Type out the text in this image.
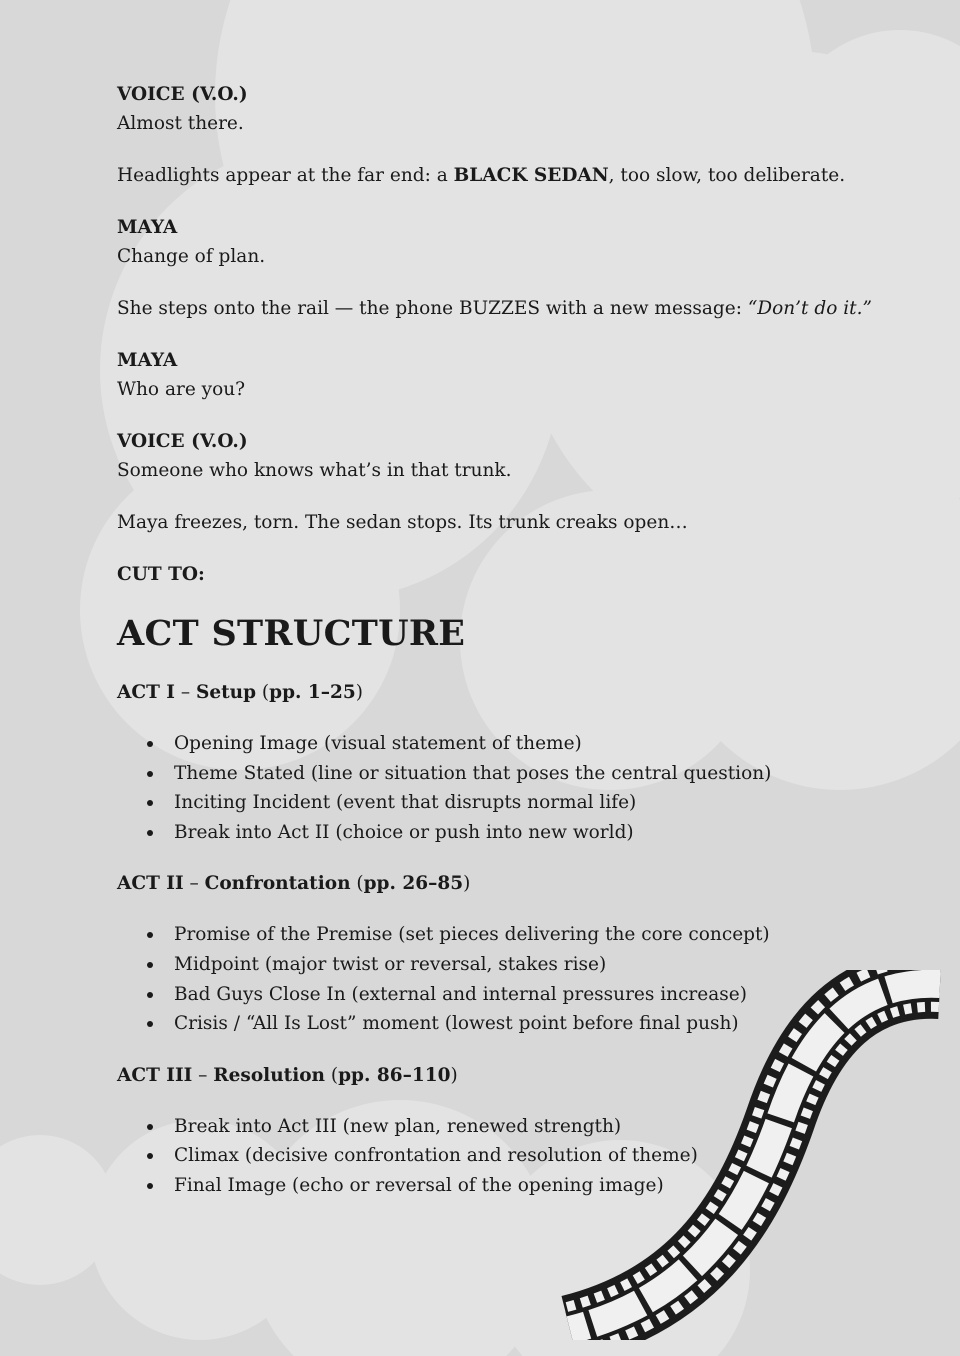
VOICE (V.O.)
Almost there.
Headlights appear at the far end: a BLACK SEDAN, too slow, too deliberate.
MAYA
Change of plan.
She steps onto the rail — the phone BUZZES with a new message: “Don’t do it.”
MAYA
Who are you?
VOICE (V.O.)
Someone who knows what’s in that trunk.
Maya freezes, torn. The sedan stops. Its trunk creaks open…
CUT TO:
ACT STRUCTURE
ACT I – Setup (pp. 1–25)
Opening Image (visual statement of theme)
Theme Stated (line or situation that poses the central question)
Inciting Incident (event that disrupts normal life)
Break into Act II (choice or push into new world)
ACT II – Confrontation (pp. 26–85)
Promise of the Premise (set pieces delivering the core concept)
Midpoint (major twist or reversal, stakes rise)
Bad Guys Close In (external and internal pressures increase)
Crisis / “All Is Lost” moment (lowest point before final push)
ACT III – Resolution (pp. 86–110)
Break into Act III (new plan, renewed strength)
Climax (decisive confrontation and resolution of theme)
Final Image (echo or reversal of the opening image)
